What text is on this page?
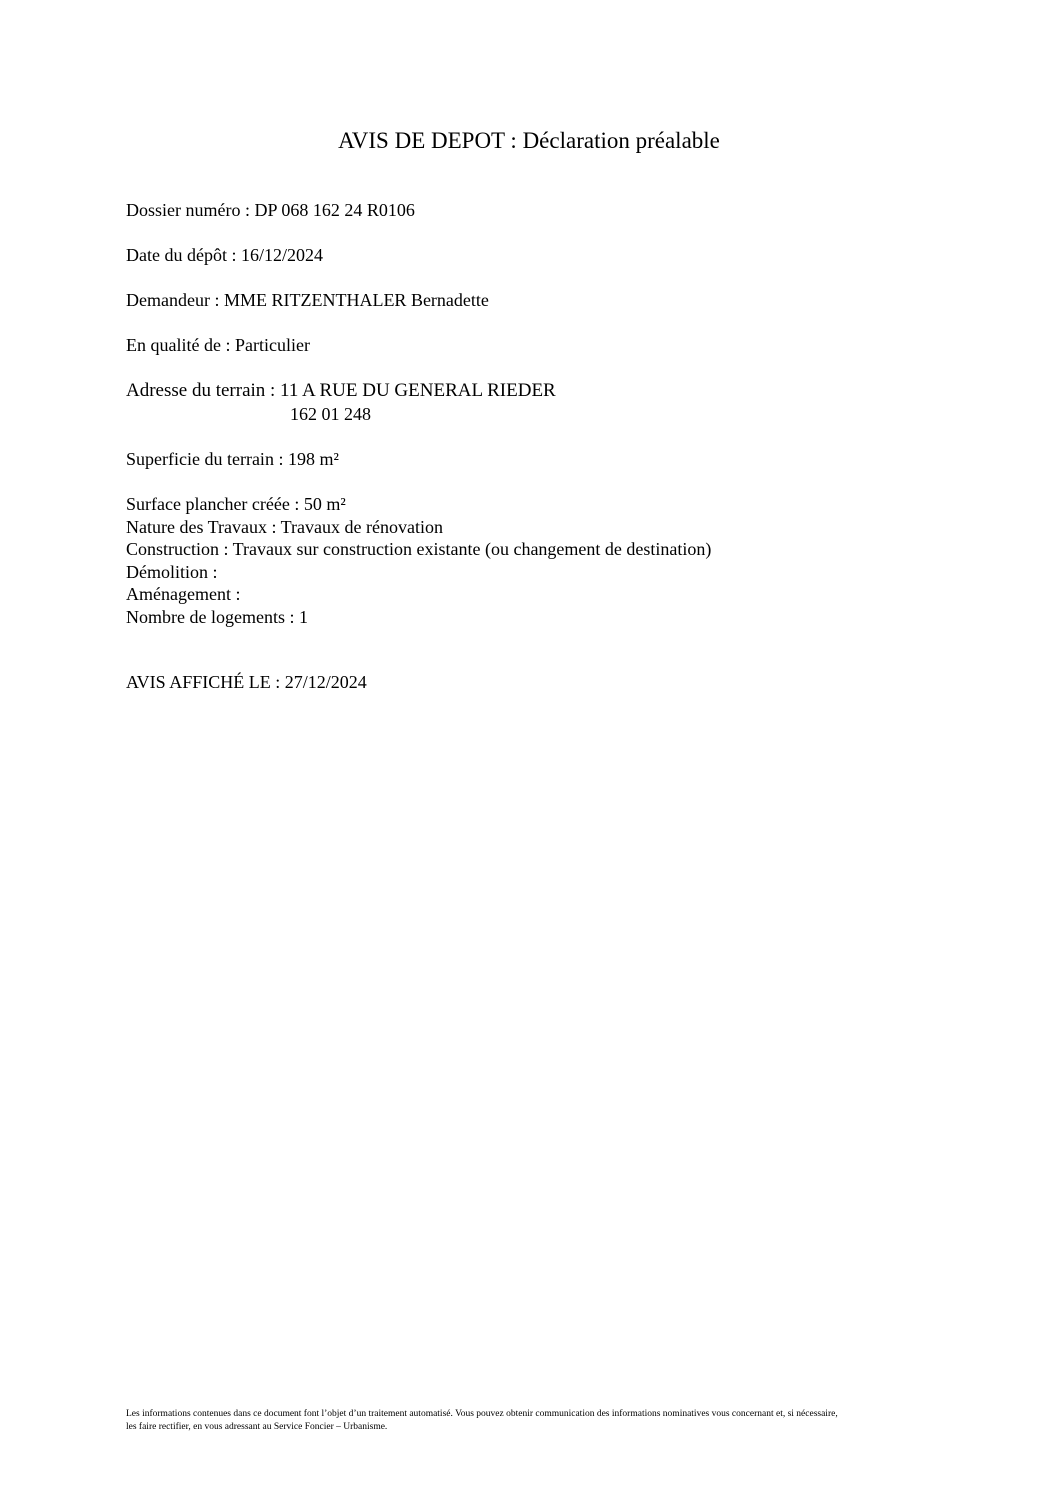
AVIS DE DEPOT : Déclaration préalable
Dossier numéro : DP 068 162 24 R0106
Date du dépôt : 16/12/2024
Demandeur : MME RITZENTHALER Bernadette
En qualité de : Particulier
Adresse du terrain : 11 A RUE DU GENERAL RIEDER
162 01 248
Superficie du terrain : 198 m²
Surface plancher créée : 50 m²
Nature des Travaux : Travaux de rénovation
Construction : Travaux sur construction existante (ou changement de destination)
Démolition :
Aménagement :
Nombre de logements : 1
AVIS AFFICHÉ LE : 27/12/2024
Les informations contenues dans ce document font l’objet d’un traitement automatisé. Vous pouvez obtenir communication des informations nominatives vous concernant et, si nécessaire,
les faire rectifier, en vous adressant au Service Foncier – Urbanisme.
